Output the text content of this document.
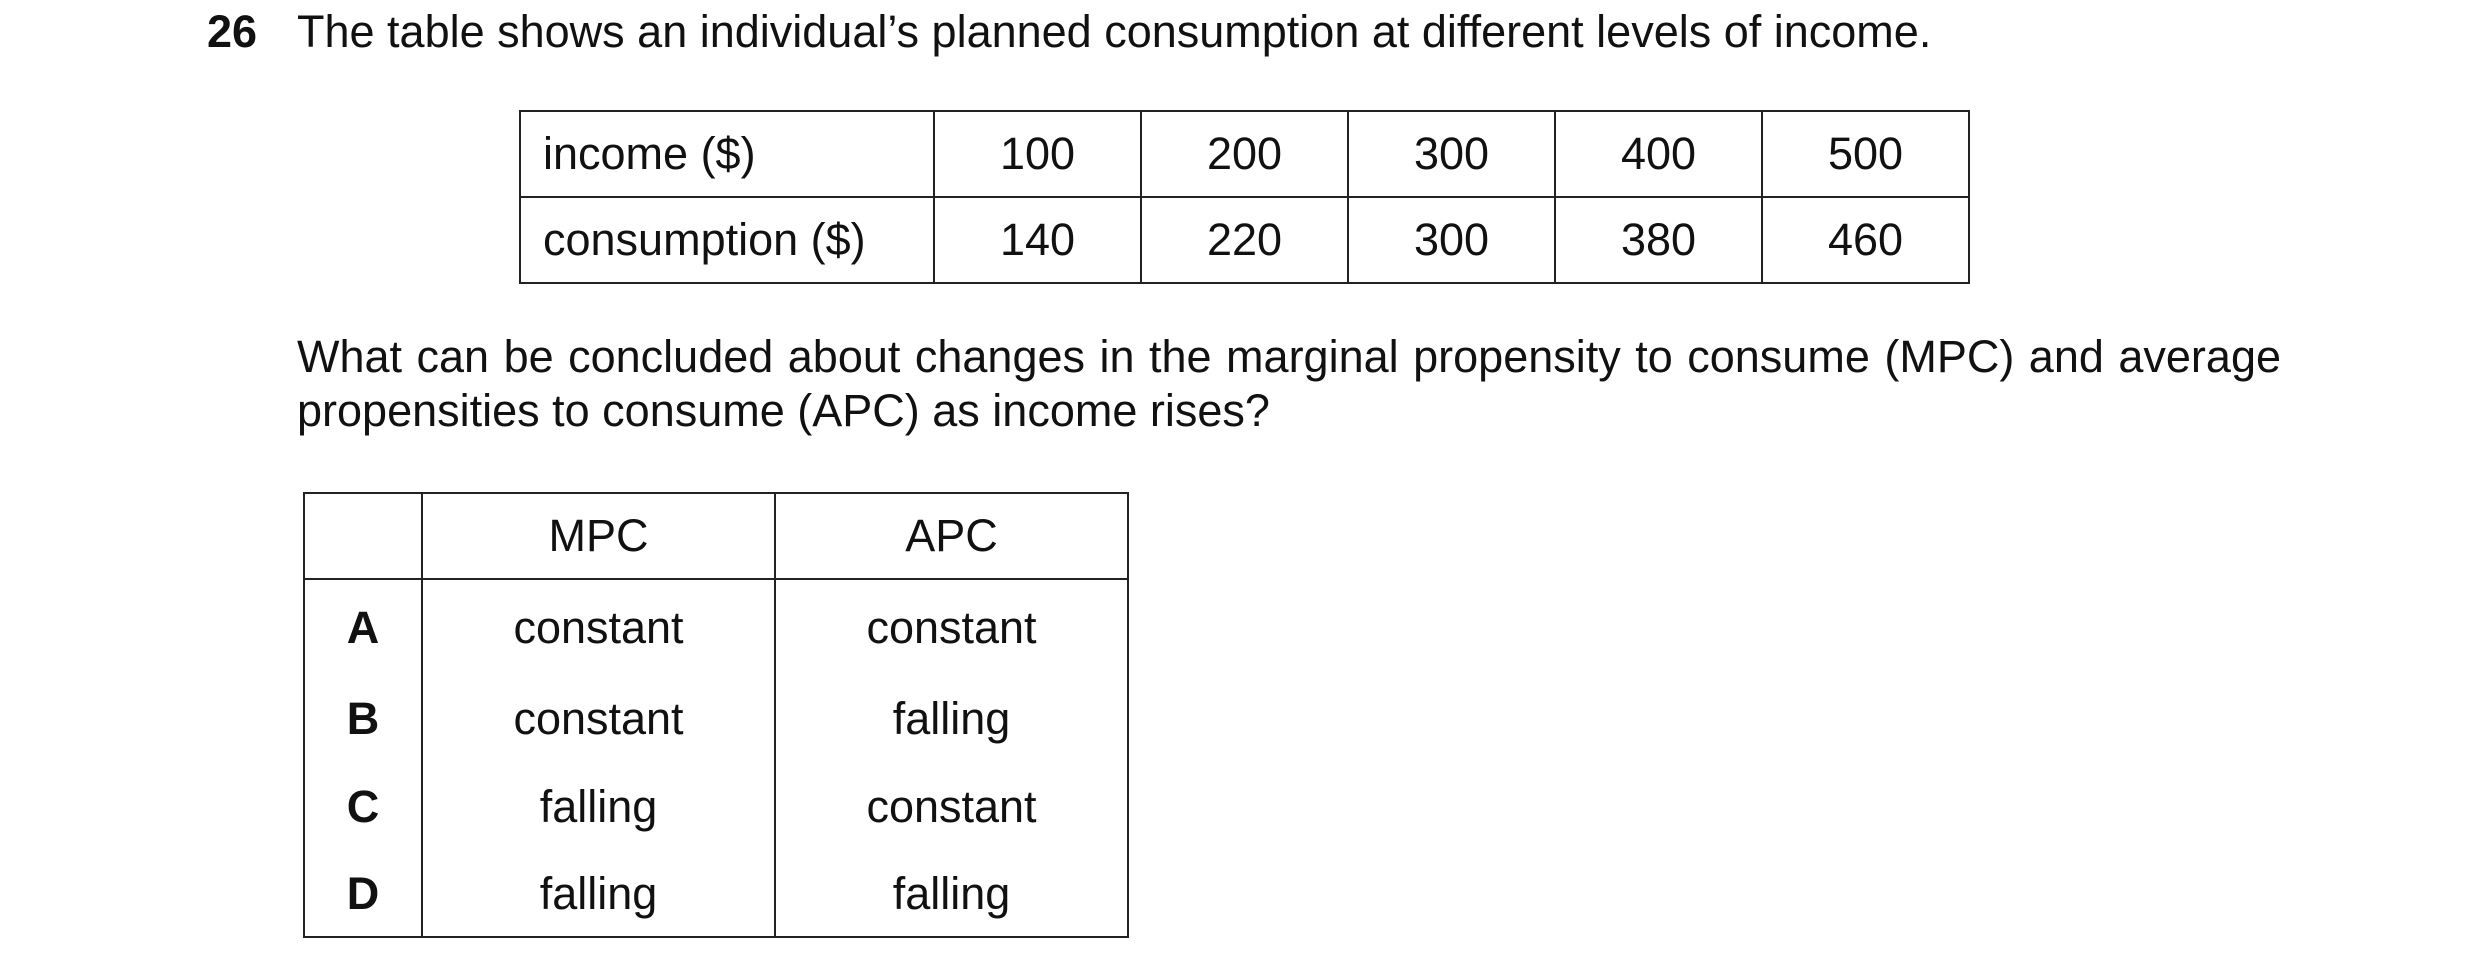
26 The table shows an individual’s planned consumption at different levels of income.
income ($)	100	200	300	400	500
consumption ($)	140	220	300	380	460
What can be concluded about changes in the marginal propensity to consume (MPC) and average propensities to consume (APC) as income rises?
	MPC	APC
A	constant	constant
B	constant	falling
C	falling	constant
D	falling	falling
